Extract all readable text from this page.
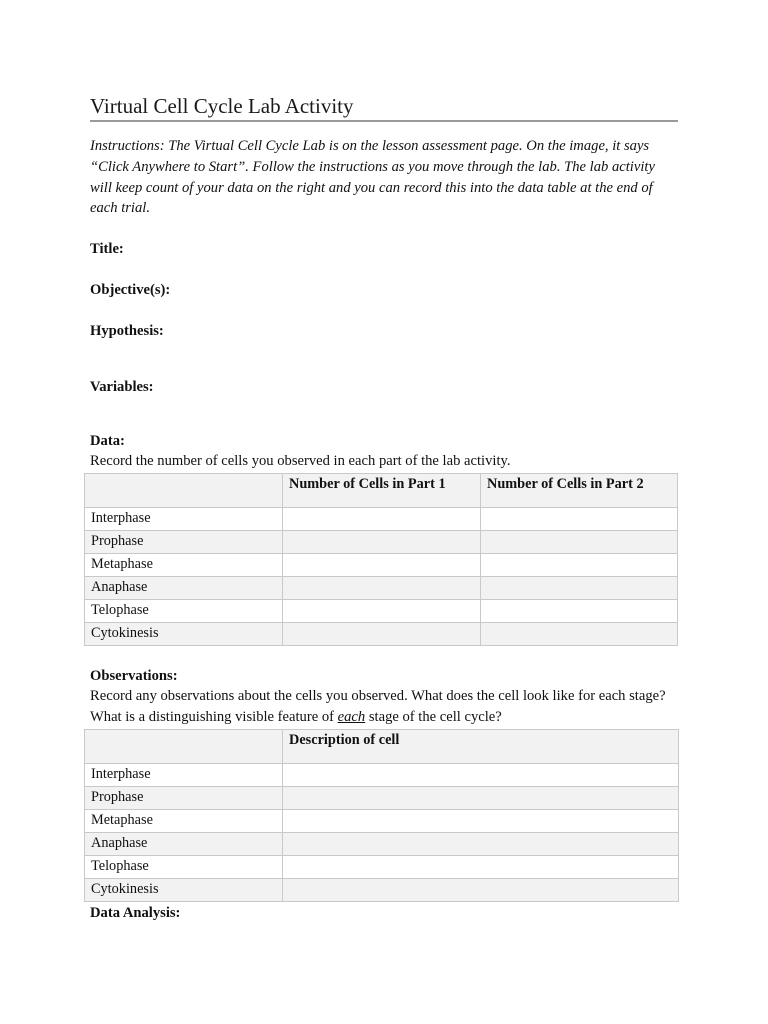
Virtual Cell Cycle Lab Activity

Instructions: The Virtual Cell Cycle Lab is on the lesson assessment page. On the image, it says “Click Anywhere to Start”. Follow the instructions as you move through the lab. The lab activity will keep count of your data on the right and you can record this into the data table at the end of each trial.

Title:

Objective(s):

Hypothesis:

Variables:

Data:

Record the number of cells you observed in each part of the lab activity.

	Number of Cells in Part 1	Number of Cells in Part 2
Interphase		
Prophase		
Metaphase		
Anaphase		
Telophase		
Cytokinesis		

Observations:

Record any observations about the cells you observed. What does the cell look like for each stage? What is a distinguishing visible feature of each stage of the cell cycle?

	Description of cell
Interphase	
Prophase	
Metaphase	
Anaphase	
Telophase	
Cytokinesis	

Data Analysis:
